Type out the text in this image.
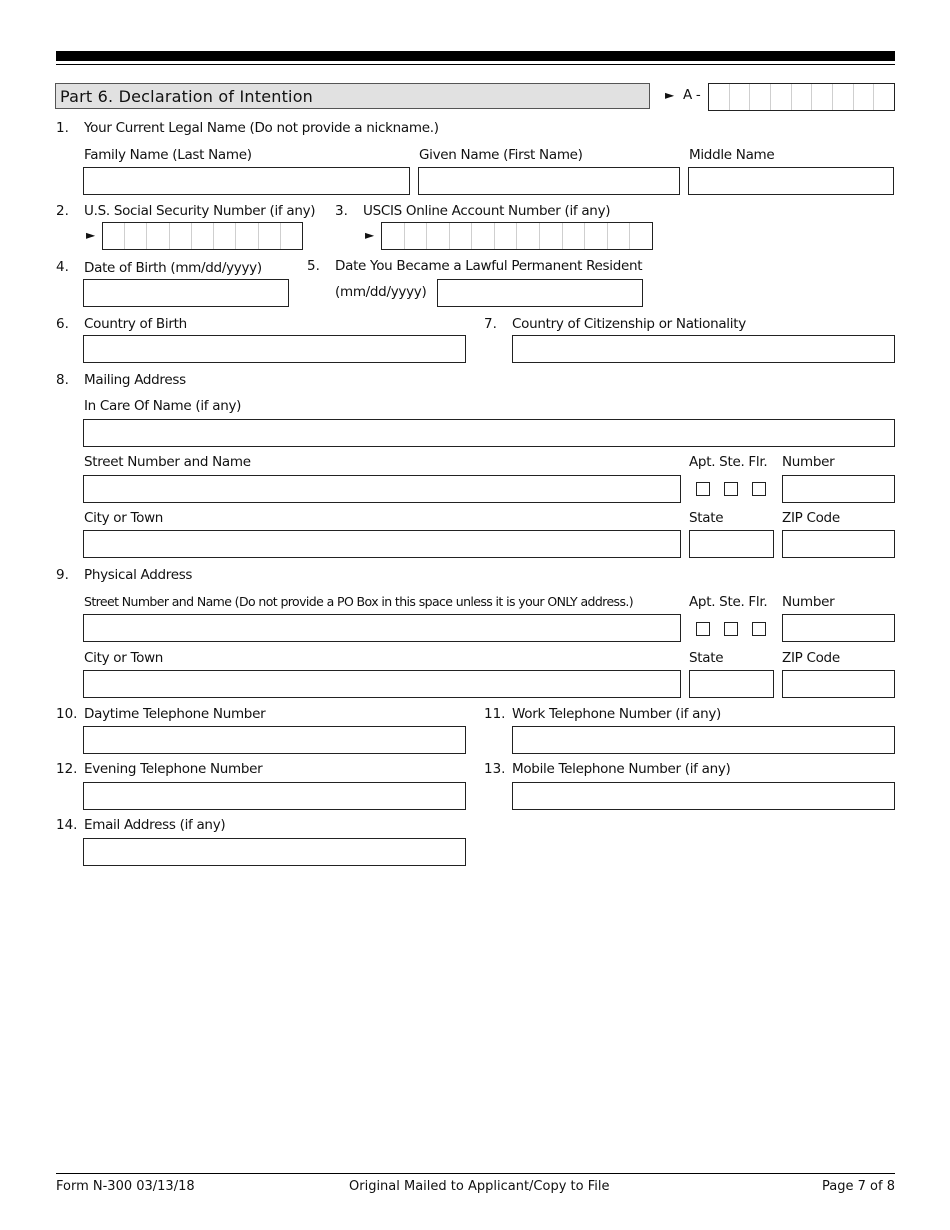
Part 6. Declaration of Intention	► A -
1. Your Current Legal Name (Do not provide a nickname.)
Family Name (Last Name)	Given Name (First Name)	Middle Name
2. U.S. Social Security Number (if any)
►
3. USCIS Online Account Number (if any)
►
4. Date of Birth (mm/dd/yyyy)	5. Date You Became a Lawful Permanent Resident
(mm/dd/yyyy)
6. Country of Birth	7. Country of Citizenship or Nationality
8. Mailing Address
In Care Of Name (if any)
Street Number and Name	Apt. Ste. Flr. Number
City or Town	State	ZIP Code
9. Physical Address
Street Number and Name (Do not provide a PO Box in this space unless it is your ONLY address.)	Apt. Ste. Flr. Number
City or Town	State	ZIP Code
10. Daytime Telephone Number	11. Work Telephone Number (if any)
12. Evening Telephone Number	13. Mobile Telephone Number (if any)
14. Email Address (if any)
Form N-300 03/13/18	Original Mailed to Applicant/Copy to File	Page 7 of 8
